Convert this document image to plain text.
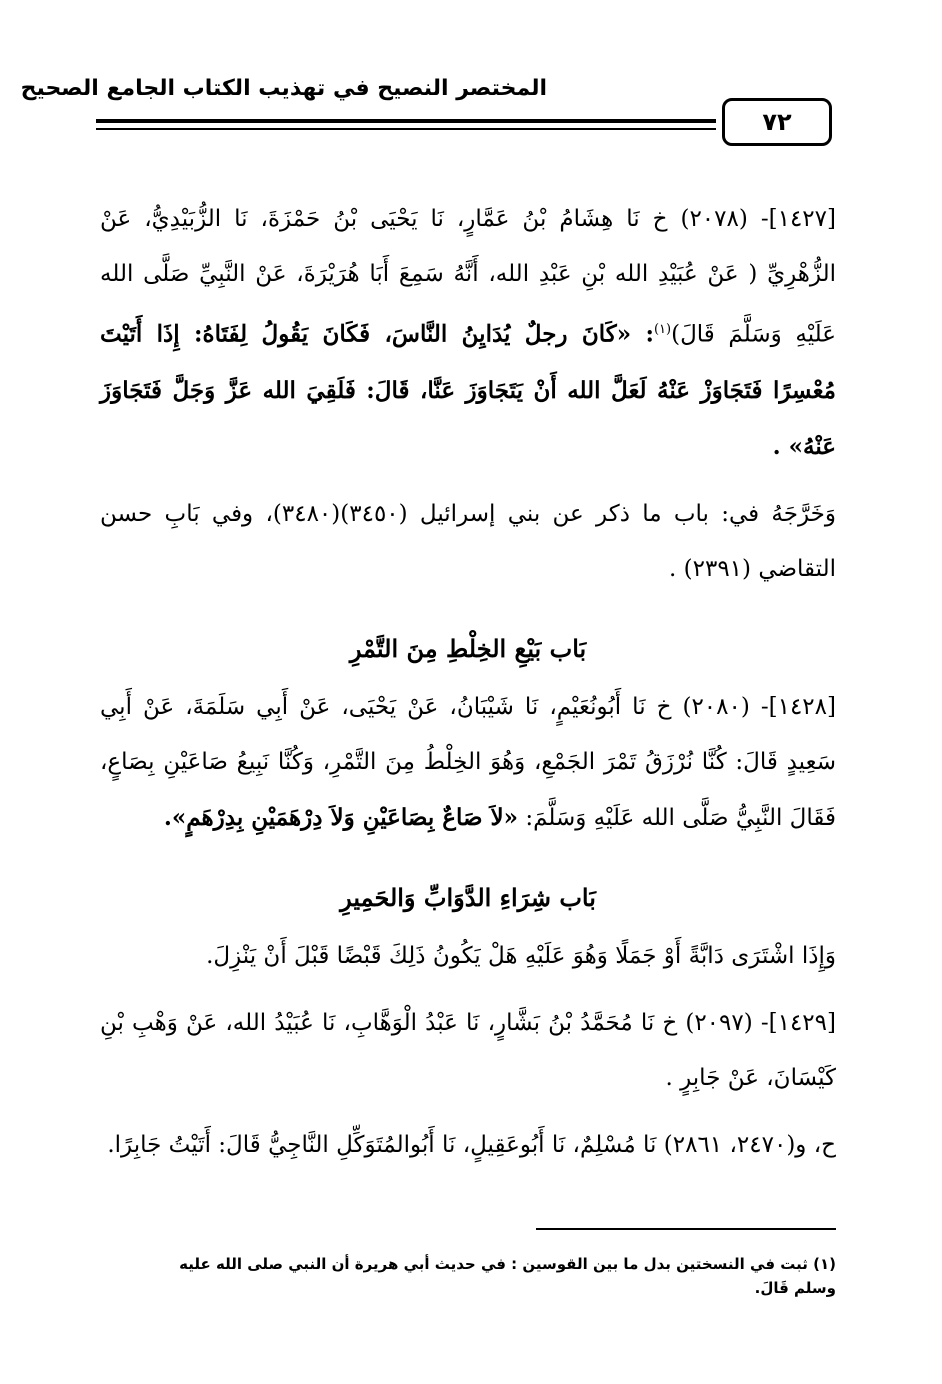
المختصر النصيح في تهذيب الكتاب الجامع الصحيح
٧٢

[١٤٢٧]- (٢٠٧٨) خ نَا هِشَامُ بْنُ عَمَّارٍ، نَا يَحْيَى بْنُ حَمْزَةَ، نَا الزُّبَيْدِيُّ، عَنْ الزُّهْرِيِّ ( عَنْ عُبَيْدِ الله بْنِ عَبْدِ الله، أَنَّهُ سَمِعَ أَبَا هُرَيْرَةَ، عَنْ النَّبِيِّ صَلَّى الله عَلَيْهِ وَسَلَّمَ قَالَ)$^{(١)}$: «كَانَ رجلٌ يُدَايِنُ النَّاسَ، فَكَانَ يَقُولُ لِفَتَاهُ: إِذَا أَتَيْتَ مُعْسِرًا فَتَجَاوَزْ عَنْهُ لَعَلَّ الله أَنْ يَتَجَاوَزَ عَنَّا، قَالَ: فَلَقِيَ الله عَزَّ وَجَلَّ فَتَجَاوَزَ عَنْهُ» .

وَخَرَّجَهُ في: باب ما ذكر عن بني إسرائيل (٣٤٥٠)(٣٤٨٠)، وفي بَابِ حسن التقاضي (٢٣٩١) .

بَاب بَيْعِ الخِلْطِ مِنَ التَّمْرِ

[١٤٢٨]- (٢٠٨٠) خ نَا أَبُونُعَيْمٍ، نَا شَيْبَانُ، عَنْ يَحْيَى، عَنْ أَبِي سَلَمَةَ، عَنْ أَبِي سَعِيدٍ قَالَ: كُنَّا نُرْزَقُ تَمْرَ الجَمْعِ، وَهُوَ الخِلْطُ مِنَ التَّمْرِ، وَكُنَّا نَبِيعُ صَاعَيْنِ بِصَاعٍ، فَقَالَ النَّبِيُّ صَلَّى الله عَلَيْهِ وَسَلَّمَ: «لاَ صَاعٌ بِصَاعَيْنِ وَلاَ دِرْهَمَيْنِ بِدِرْهَمٍ».

بَاب شِرَاءِ الدَّوَابِّ وَالحَمِيرِ

وَإِذَا اشْتَرَى دَابَّةً أَوْ جَمَلًا وَهُوَ عَلَيْهِ هَلْ يَكُونُ ذَلِكَ قَبْضًا قَبْلَ أَنْ يَنْزِلَ.

[١٤٢٩]- (٢٠٩٧) خ نَا مُحَمَّدُ بْنُ بَشَّارٍ، نَا عَبْدُ الْوَهَّابِ، نَا عُبَيْدُ الله، عَنْ وَهْبِ بْنِ كَيْسَانَ، عَنْ جَابِرٍ .

ح، و(٢٤٧٠، ٢٨٦١) نَا مُسْلِمٌ، نَا أَبُوعَقِيلٍ، نَا أَبُوالمُتَوَكِّلِ النَّاجِيُّ قَالَ: أَتَيْتُ جَابِرًا.

(١) ثبت في النسختين بدل ما بين القوسين : في حديث أبي هريرة أن النبي صلى الله عليه وسلم قَالَ.
